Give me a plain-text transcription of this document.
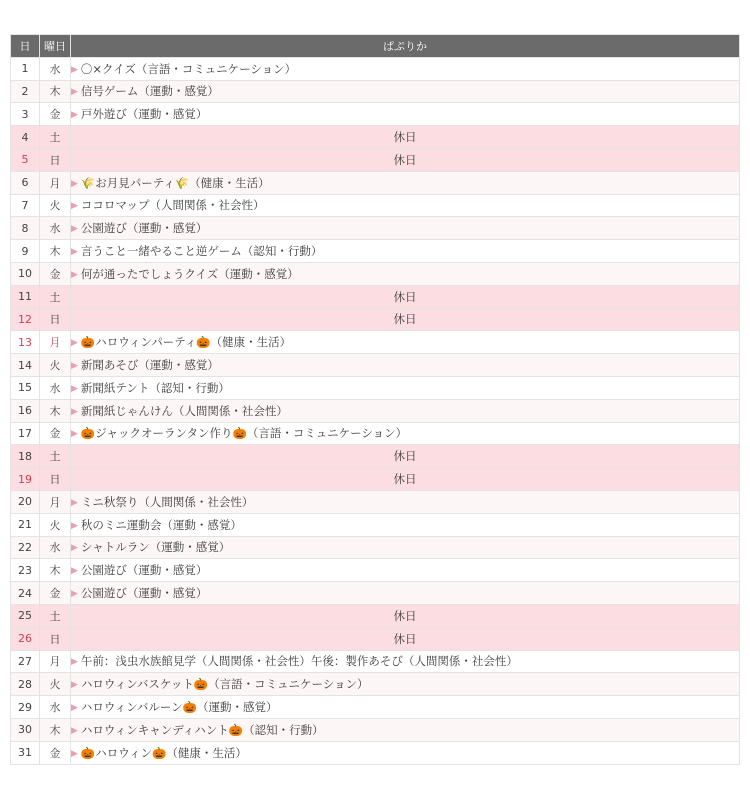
日	曜日	ぱぷりか
1	水	▶ 〇×クイズ（言語・コミュニケーション）
2	木	▶ 信号ゲーム（運動・感覚）
3	金	▶ 戸外遊び（運動・感覚）
4	土	休日
5	日	休日
6	月	▶ 🌾お月見パーティ🌾（健康・生活）
7	火	▶ ココロマップ（人間関係・社会性）
8	水	▶ 公園遊び（運動・感覚）
9	木	▶ 言うこと一緒やること逆ゲーム（認知・行動）
10	金	▶ 何が通ったでしょうクイズ（運動・感覚）
11	土	休日
12	日	休日
13	月	▶ 🎃ハロウィンパーティ🎃（健康・生活）
14	火	▶ 新聞あそび（運動・感覚）
15	水	▶ 新聞紙テント（認知・行動）
16	木	▶ 新聞紙じゃんけん（人間関係・社会性）
17	金	▶ 🎃ジャックオーランタン作り🎃（言語・コミュニケーション）
18	土	休日
19	日	休日
20	月	▶ ミニ秋祭り（人間関係・社会性）
21	火	▶ 秋のミニ運動会（運動・感覚）
22	水	▶ シャトルラン（運動・感覚）
23	木	▶ 公園遊び（運動・感覚）
24	金	▶ 公園遊び（運動・感覚）
25	土	休日
26	日	休日
27	月	▶ 午前：浅虫水族館見学（人間関係・社会性）午後：製作あそび（人間関係・社会性）
28	火	▶ ハロウィンバスケット🎃（言語・コミュニケーション）
29	水	▶ ハロウィンバルーン🎃（運動・感覚）
30	木	▶ ハロウィンキャンディハント🎃（認知・行動）
31	金	▶ 🎃ハロウィン🎃（健康・生活）
